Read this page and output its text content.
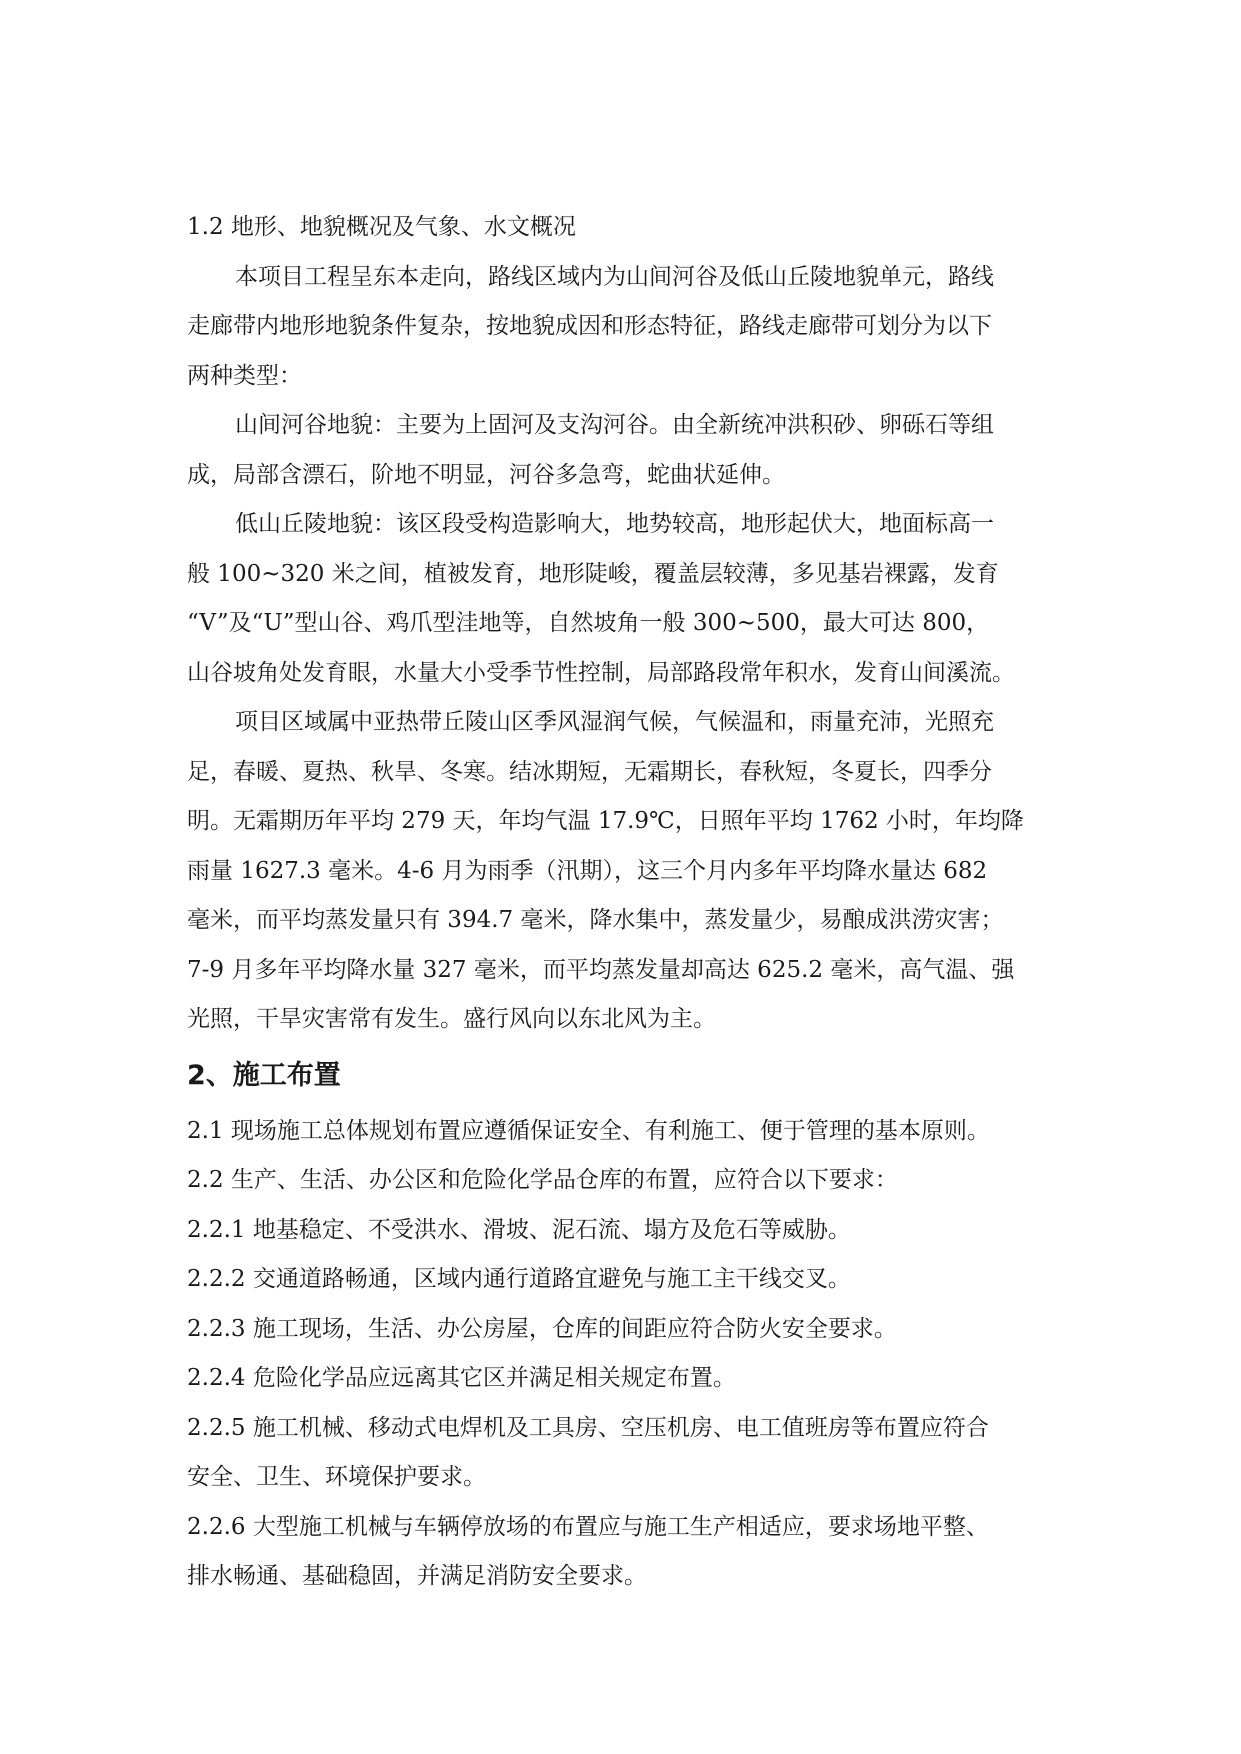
1.2 地形、地貌概况及气象、水文概况
本项目工程呈东本走向，路线区域内为山间河谷及低山丘陵地貌单元，路线
走廊带内地形地貌条件复杂，按地貌成因和形态特征，路线走廊带可划分为以下
两种类型：
山间河谷地貌：主要为上固河及支沟河谷。由全新统冲洪积砂、卵砾石等组
成，局部含漂石，阶地不明显，河谷多急弯，蛇曲状延伸。
低山丘陵地貌：该区段受构造影响大，地势较高，地形起伏大，地面标高一
般 100~320 米之间，植被发育，地形陡峻，覆盖层较薄，多见基岩裸露，发育
“V”及“U”型山谷、鸡爪型洼地等，自然坡角一般 300~500，最大可达 800，
山谷坡角处发育眼，水量大小受季节性控制，局部路段常年积水，发育山间溪流。
项目区域属中亚热带丘陵山区季风湿润气候，气候温和，雨量充沛，光照充
足，春暖、夏热、秋旱、冬寒。结冰期短，无霜期长，春秋短，冬夏长，四季分
明。无霜期历年平均 279 天，年均气温 17.9℃，日照年平均 1762 小时，年均降
雨量 1627.3 毫米。4-6 月为雨季（汛期），这三个月内多年平均降水量达 682
毫米，而平均蒸发量只有 394.7 毫米，降水集中，蒸发量少，易酿成洪涝灾害；
7-9 月多年平均降水量 327 毫米，而平均蒸发量却高达 625.2 毫米，高气温、强
光照，干旱灾害常有发生。盛行风向以东北风为主。
2、施工布置
2.1 现场施工总体规划布置应遵循保证安全、有利施工、便于管理的基本原则。
2.2 生产、生活、办公区和危险化学品仓库的布置，应符合以下要求：
2.2.1 地基稳定、不受洪水、滑坡、泥石流、塌方及危石等威胁。
2.2.2 交通道路畅通，区域内通行道路宜避免与施工主干线交叉。
2.2.3 施工现场，生活、办公房屋，仓库的间距应符合防火安全要求。
2.2.4 危险化学品应远离其它区并满足相关规定布置。
2.2.5 施工机械、移动式电焊机及工具房、空压机房、电工值班房等布置应符合
安全、卫生、环境保护要求。
2.2.6 大型施工机械与车辆停放场的布置应与施工生产相适应，要求场地平整、
排水畅通、基础稳固，并满足消防安全要求。
